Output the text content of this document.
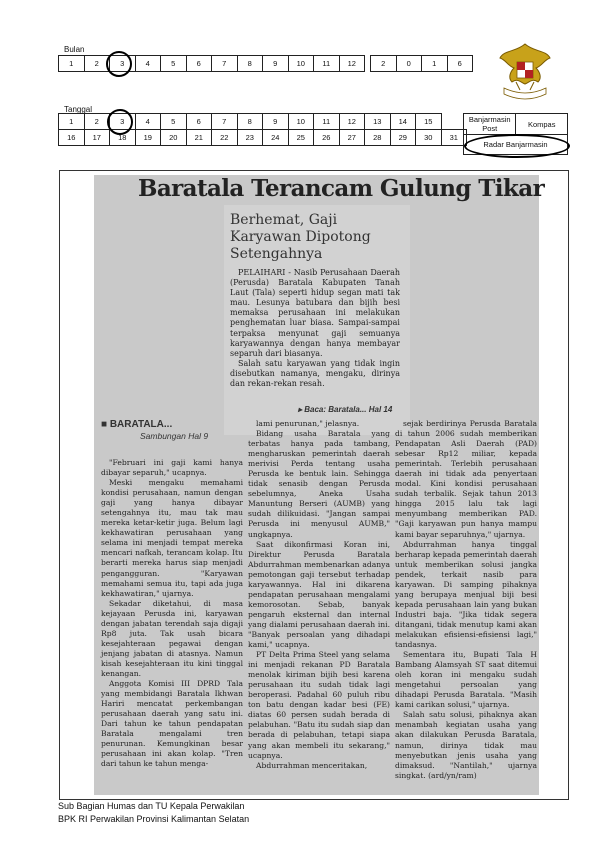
Bulan
1	2	3	4	5	6	7	8	9	10	11	12	2	0	1	6
Tanggal
1	2	3	4	5	6	7	8	9	10	11	12	13	14	15	
16	17	18	19	20	21	22	23	24	25	26	27	28	29	30	31
Banjarmasin Post	Kompas
Radar Banjarmasin
Baratala Terancam Gulung Tikar
Berhemat, Gaji Karyawan Dipotong Setengahnya

PELAIHARI - Nasib Perusahaan Daerah (Perusda) Baratala Kabupaten Tanah Laut (Tala) seperti hidup segan mati tak mau. Lesunya batubara dan bijih besi memaksa perusahaan ini melakukan penghematan luar biasa. Sampai-sampai terpaksa menyunat gaji semuanya karyawannya dengan hanya membayar separuh dari biasanya.

Salah satu karyawan yang tidak ingin disebutkan namanya, mengaku, dirinya dan rekan-rekan resah.

▸ Baca: Baratala... Hal 14
■ BARATALA...
Sambungan Hal 9

"Februari ini gaji kami hanya dibayar separuh," ucapnya.

Meski mengaku memahami kondisi perusahaan, namun dengan gaji yang hanya dibayar setengahnya itu, mau tak mau mereka ketar-ketir juga. Belum lagi kekhawatiran perusahaan yang selama ini menjadi tempat mereka mencari nafkah, terancam kolap. Itu berarti mereka harus siap menjadi pengangguran. "Karyawan memahami semua itu, tapi ada juga kekhawatiran," ujarnya.

Sekadar diketahui, di masa kejayaan Perusda ini, karyawan dengan jabatan terendah saja digaji Rp8 juta. Tak usah bicara kesejahteraan pegawai dengan jenjang jabatan di atasnya. Namun kisah kesejahteraan itu kini tinggal kenangan.

Anggota Komisi III DPRD Tala yang membidangi Baratala Ikhwan Hariri mencatat perkembangan perusahaan daerah yang satu ini. Dari tahun ke tahun pendapatan Baratala mengalami tren penurunan. Kemungkinan besar perusahaan ini akan kolap. "Tren dari tahun ke tahun menga-

lami penurunan," jelasnya.

Bidang usaha Baratala yang terbatas hanya pada tambang, mengharuskan pemerintah daerah merivisi Perda tentang usaha Perusda ke bentuk lain. Sehingga tidak senasib dengan Perusda sebelumnya, Aneka Usaha Manuntung Berseri (AUMB) yang sudah dilikuidasi. "Jangan sampai Perusda ini menyusul AUMB," ungkapnya.

Saat dikonfirmasi Koran ini, Direktur Perusda Baratala Abdurrahman membenarkan adanya pemotongan gaji tersebut terhadap karyawannya. Hal ini dikarena pendapatan perusahaan mengalami kemorosotan. Sebab, banyak pengaruh eksternal dan internal yang dialami perusahaan daerah ini. "Banyak persoalan yang dihadapi kami," ucapnya.

PT Delta Prima Steel yang selama ini menjadi rekanan PD Baratala menolak kiriman bijih besi karena perusahaan itu sudah tidak lagi beroperasi. Padahal 60 puluh ribu ton batu dengan kadar besi (FE) diatas 60 persen sudah berada di pelabuhan. "Batu itu sudah siap dan berada di pelabuhan, tetapi siapa yang akan membeli itu sekarang," ucapnya.

Abdurrahman menceritakan,

sejak berdirinya Perusda Baratala di tahun 2006 sudah memberikan Pendapatan Asli Daerah (PAD) sebesar Rp12 miliar, kepada pemerintah. Terlebih perusahaan daerah ini tidak ada penyertaan modal. Kini kondisi perusahaan sudah terbalik. Sejak tahun 2013 hingga 2015 lalu tak lagi menyumbang memberikan PAD. "Gaji karyawan pun hanya mampu kami bayar separuhnya," ujarnya.

Abdurrahman hanya tinggal berharap kepada pemerintah daerah untuk memberikan solusi jangka pendek, terkait nasib para karyawan. Di samping pihaknya yang berupaya menjual biji besi kepada perusahaan lain yang bukan Industri baja. "Jika tidak segera ditangani, tidak menutup kami akan melakukan efisiensi-efisiensi lagi," tandasnya.

Sementara itu, Bupati Tala H Bambang Alamsyah ST saat ditemui oleh koran ini mengaku sudah mengetahui persoalan yang dihadapi Perusda Baratala. "Masih kami carikan solusi," ujarnya.

Salah satu solusi, pihaknya akan menambah kegiatan usaha yang akan dilakukan Perusda Baratala, namun, dirinya tidak mau menyebutkan jenis usaha yang dimaksud. "Nantilah," ujarnya singkat. (ard/yn/ram)

Sub Bagian Humas dan TU Kepala Perwakilan
BPK RI Perwakilan Provinsi Kalimantan Selatan
